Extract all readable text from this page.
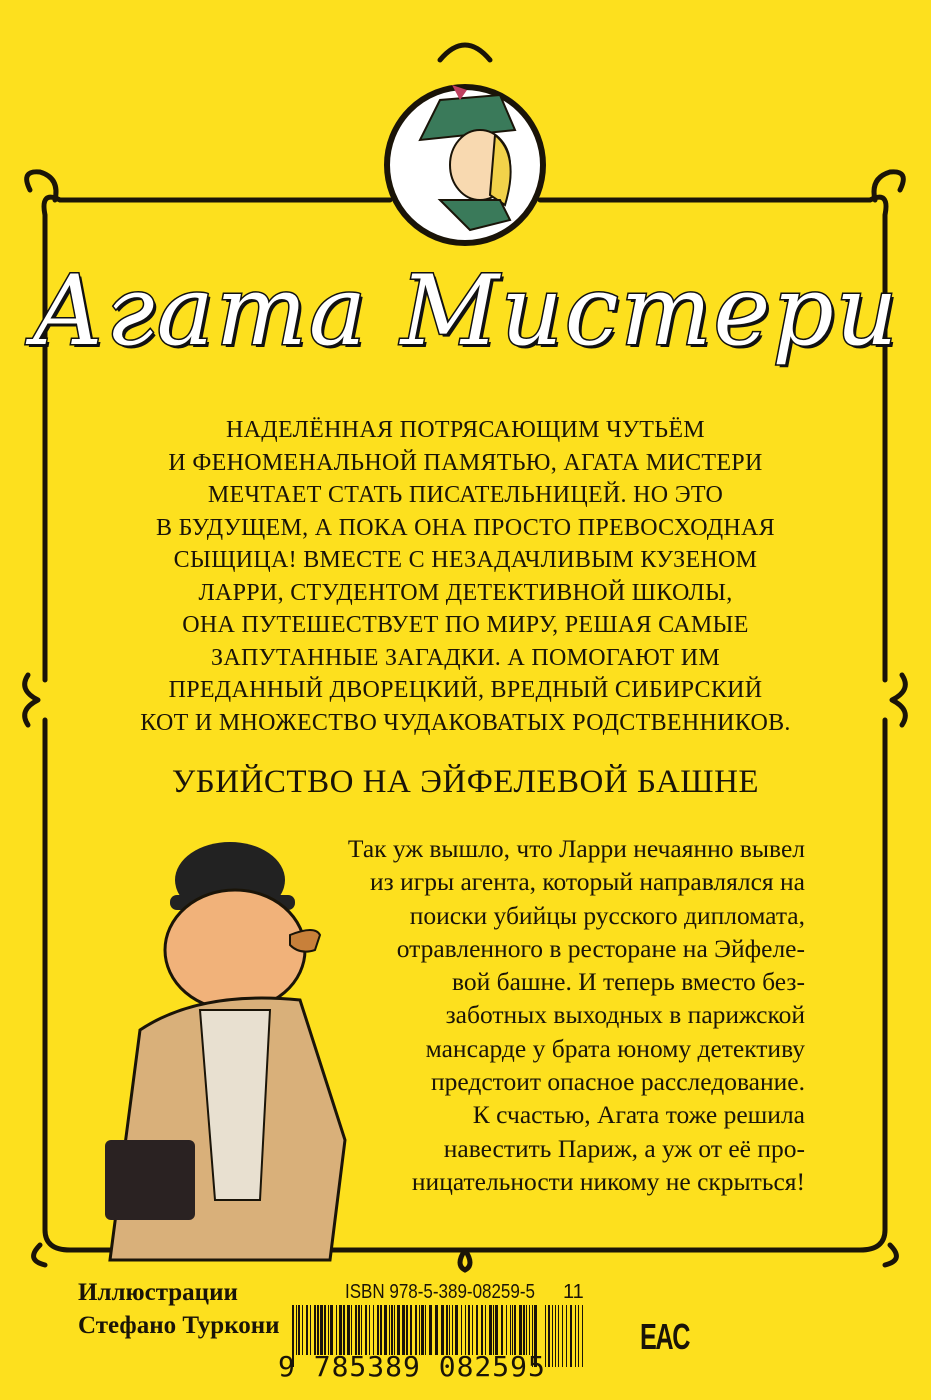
Агата Мистери
НАДЕЛЁННАЯ ПОТРЯСАЮЩИМ ЧУТЬЁМ
И ФЕНОМЕНАЛЬНОЙ ПАМЯТЬЮ, АГАТА МИСТЕРИ
МЕЧТАЕТ СТАТЬ ПИСАТЕЛЬНИЦЕЙ. НО ЭТО
В БУДУЩЕМ, А ПОКА ОНА ПРОСТО ПРЕВОСХОДНАЯ
СЫЩИЦА! ВМЕСТЕ С НЕЗАДАЧЛИВЫМ КУЗЕНОМ
ЛАРРИ, СТУДЕНТОМ ДЕТЕКТИВНОЙ ШКОЛЫ,
ОНА ПУТЕШЕСТВУЕТ ПО МИРУ, РЕШАЯ САМЫЕ
ЗАПУТАННЫЕ ЗАГАДКИ. А ПОМОГАЮТ ИМ
ПРЕДАННЫЙ ДВОРЕЦКИЙ, ВРЕДНЫЙ СИБИРСКИЙ
КОТ И МНОЖЕСТВО ЧУДАКОВАТЫХ РОДСТВЕННИКОВ.
УБИЙСТВО НА ЭЙФЕЛЕВОЙ БАШНЕ
Так уж вышло, что Ларри нечаянно вывел
из игры агента, который направлялся на
поиски убийцы русского дипломата,
отравленного в ресторане на Эйфеле-
вой башне. И теперь вместо без-
заботных выходных в парижской
мансарде у брата юному детективу
предстоит опасное расследование.
К счастью, Агата тоже решила
навестить Париж, а уж от её про-
ницательности никому не скрыться!
Иллюстрации
Стефано Туркони
ISBN 978-5-389-08259-5 11
9 785389 082595
EAC
